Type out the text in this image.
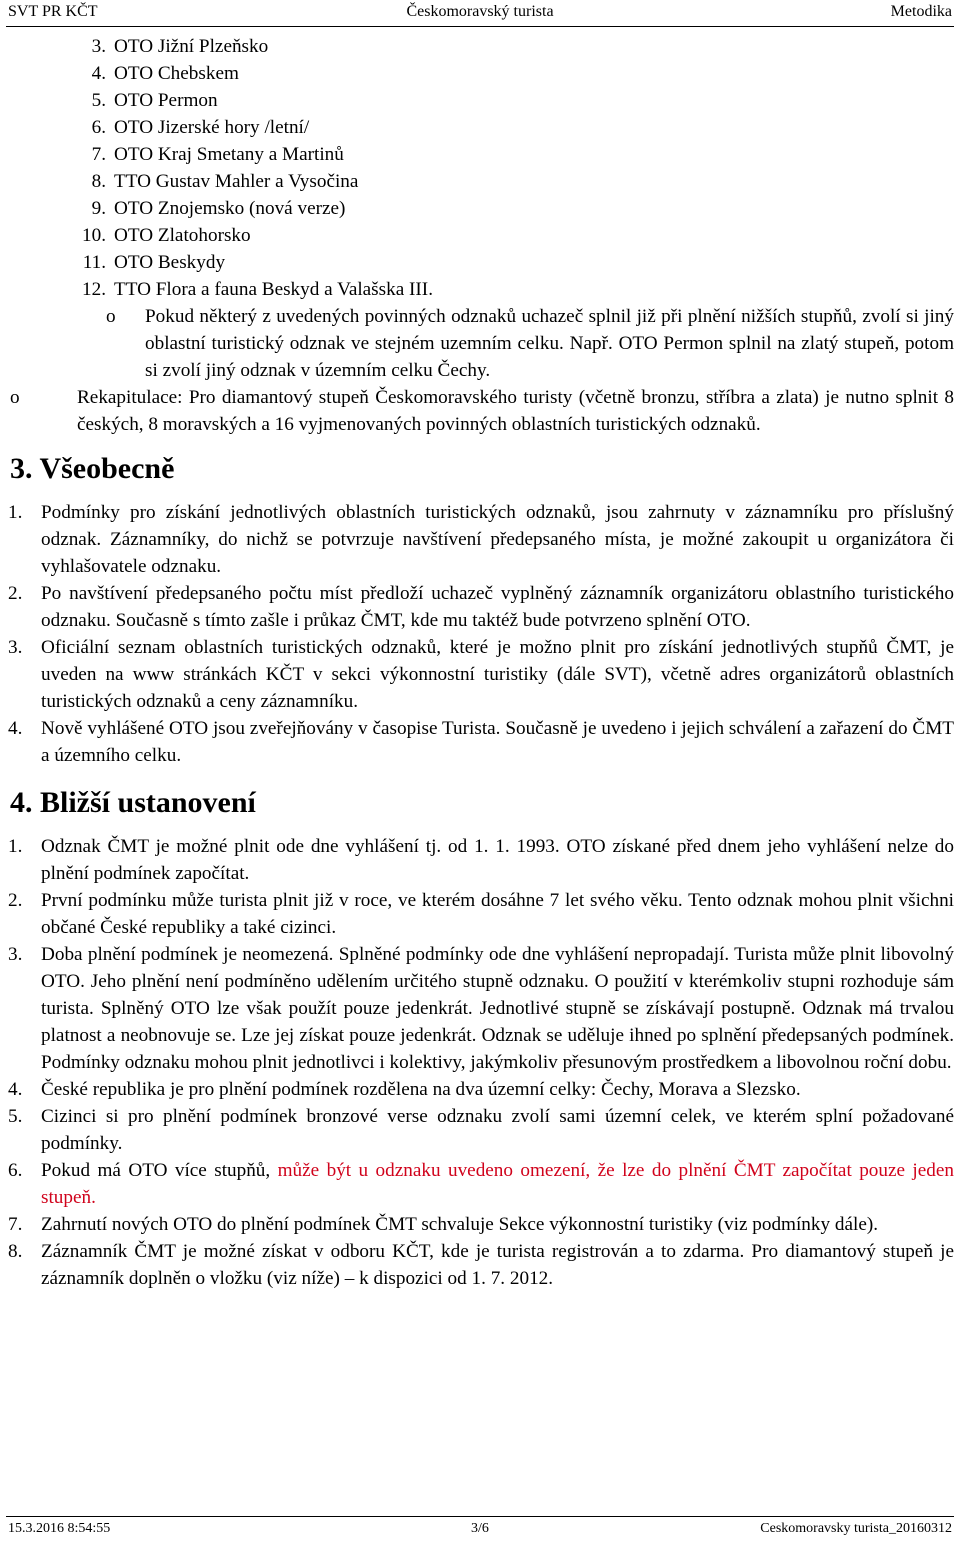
SVT PR KČT	Českomoravský turista	Metodika
3. OTO Jižní Plzeňsko
4. OTO Chebskem
5. OTO Permon
6. OTO Jizerské hory /letní/
7. OTO Kraj Smetany a Martinů
8. TTO Gustav Mahler a Vysočina
9. OTO Znojemsko (nová verze)
10. OTO Zlatohorsko
11. OTO Beskydy
12. TTO Flora a fauna Beskyd a Valašska III.
o Pokud některý z uvedených povinných odznaků uchazeč splnil již při plnění nižších stupňů, zvolí si jiný oblastní turistický odznak ve stejném uzemním celku. Např. OTO Permon splnil na zlatý stupeň, potom si zvolí jiný odznak v územním celku Čechy.
o	Rekapitulace: Pro diamantový stupeň Českomoravského turisty (včetně bronzu, stříbra a zlata) je nutno splnit 8 českých, 8 moravských a 16 vyjmenovaných povinných oblastních turistických odznaků.
3. Všeobecně
1. Podmínky pro získání jednotlivých oblastních turistických odznaků, jsou zahrnuty v záznamníku pro příslušný odznak. Záznamníky, do nichž se potvrzuje navštívení předepsaného místa, je možné zakoupit u organizátora či vyhlašovatele odznaku.
2. Po navštívení předepsaného počtu míst předloží uchazeč vyplněný záznamník organizátoru oblastního turistického odznaku. Současně s tímto zašle i průkaz ČMT, kde mu taktéž bude potvrzeno splnění OTO.
3. Oficiální seznam oblastních turistických odznaků, které je možno plnit pro získání jednotlivých stupňů ČMT, je uveden na www stránkách KČT v sekci výkonnostní turistiky (dále SVT), včetně adres organizátorů oblastních turistických odznaků a ceny záznamníku.
4. Nově vyhlášené OTO jsou zveřejňovány v časopise Turista. Současně je uvedeno i jejich schválení a zařazení do ČMT a územního celku.
4. Bližší ustanovení
1. Odznak ČMT je možné plnit ode dne vyhlášení tj. od 1. 1. 1993. OTO získané před dnem jeho vyhlášení nelze do plnění podmínek započítat.
2. První podmínku může turista plnit již v roce, ve kterém dosáhne 7 let svého věku. Tento odznak mohou plnit všichni občané České republiky a také cizinci.
3. Doba plnění podmínek je neomezená. Splněné podmínky ode dne vyhlášení nepropadají. Turista může plnit libovolný OTO. Jeho plnění není podmíněno udělením určitého stupně odznaku. O použití v kterémkoliv stupni rozhoduje sám turista. Splněný OTO lze však použít pouze jedenkrát. Jednotlivé stupně se získávají postupně. Odznak má trvalou platnost a neobnovuje se. Lze jej získat pouze jedenkrát. Odznak se uděluje ihned po splnění předepsaných podmínek. Podmínky odznaku mohou plnit jednotlivci i kolektivy, jakýmkoliv přesunovým prostředkem a libovolnou roční dobu.
4. České republika je pro plnění podmínek rozdělena na dva územní celky: Čechy, Morava a Slezsko.
5. Cizinci si pro plnění podmínek bronzové verse odznaku zvolí sami územní celek, ve kterém splní požadované podmínky.
6. Pokud má OTO více stupňů, může být u odznaku uvedeno omezení, že lze do plnění ČMT započítat pouze jeden stupeň.
7. Zahrnutí nových OTO do plnění podmínek ČMT schvaluje Sekce výkonnostní turistiky (viz podmínky dále).
8. Záznamník ČMT je možné získat v odboru KČT, kde je turista registrován a to zdarma. Pro diamantový stupeň je záznamník doplněn o vložku (viz níže) – k dispozici od 1. 7. 2012.
15.3.2016 8:54:55	3/6	Ceskomoravsky turista_20160312
